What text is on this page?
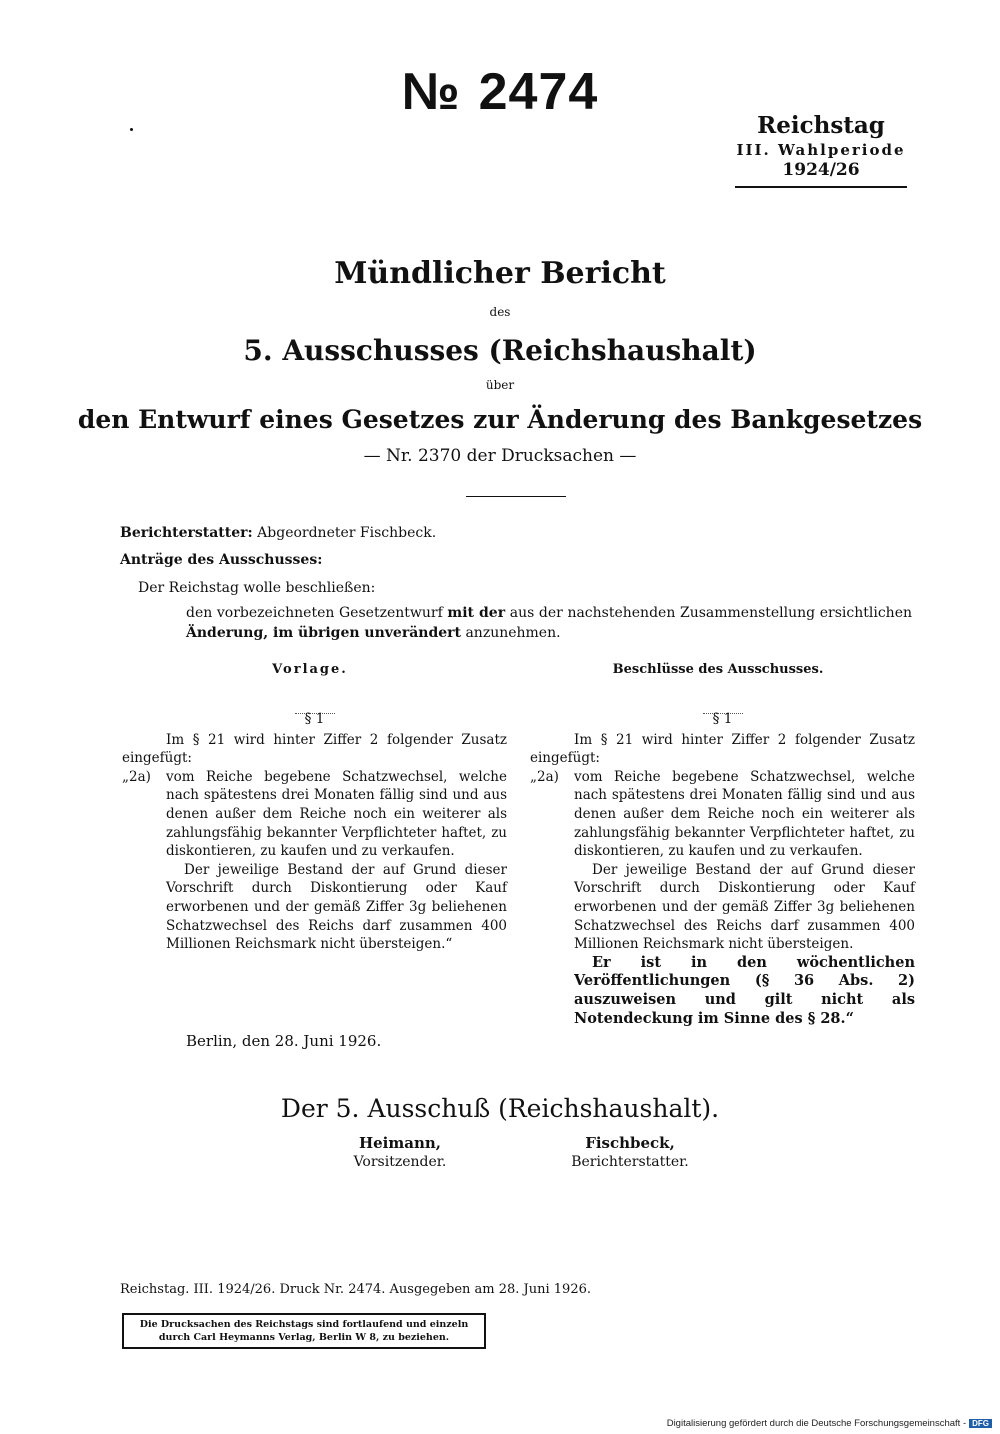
№ 2474
Reichstag
III. Wahlperiode
1924/26
Mündlicher Bericht
des
5. Ausschusses (Reichshaushalt)
über
den Entwurf eines Gesetzes zur Änderung des Bankgesetzes
— Nr. 2370 der Drucksachen —
Berichterstatter: Abgeordneter Fischbeck.
Anträge des Ausschusses:
Der Reichstag wolle beschließen:
den vorbezeichneten Gesetzentwurf mit der aus der nachstehenden Zusammenstellung ersichtlichen Änderung, im übrigen unverändert anzunehmen.
Vorlage.	Beschlüsse des Ausschusses.
§ 1
Im § 21 wird hinter Ziffer 2 folgender Zusatz eingefügt:
„2a)	vom Reiche begebene Schatzwechsel, welche nach spätestens drei Monaten fällig sind und aus denen außer dem Reiche noch ein weiterer als zahlungsfähig bekannter Verpflichteter haftet, zu diskontieren, zu kaufen und zu verkaufen.
Der jeweilige Bestand der auf Grund dieser Vorschrift durch Diskontierung oder Kauf erworbenen und der gemäß Ziffer 3g beliehenen Schatzwechsel des Reichs darf zusammen 400 Millionen Reichsmark nicht übersteigen.“
§ 1
Im § 21 wird hinter Ziffer 2 folgender Zusatz eingefügt:
„2a)	vom Reiche begebene Schatzwechsel, welche nach spätestens drei Monaten fällig sind und aus denen außer dem Reiche noch ein weiterer als zahlungsfähig bekannter Verpflichteter haftet, zu diskontieren, zu kaufen und zu verkaufen.
Der jeweilige Bestand der auf Grund dieser Vorschrift durch Diskontierung oder Kauf erworbenen und der gemäß Ziffer 3g beliehenen Schatzwechsel des Reichs darf zusammen 400 Millionen Reichsmark nicht übersteigen.
Er ist in den wöchentlichen Veröffentlichungen (§ 36 Abs. 2) auszuweisen und gilt nicht als Notendeckung im Sinne des § 28.“
Berlin, den 28. Juni 1926.
Der 5. Ausschuß (Reichshaushalt).
Heimann,
Vorsitzender.
Fischbeck,
Berichterstatter.
Reichstag. III. 1924/26. Druck Nr. 2474. Ausgegeben am 28. Juni 1926.
Die Drucksachen des Reichstags sind fortlaufend und einzeln
durch Carl Heymanns Verlag, Berlin W 8, zu beziehen.
Digitalisierung gefördert durch die Deutsche Forschungsgemeinschaft - DFG
